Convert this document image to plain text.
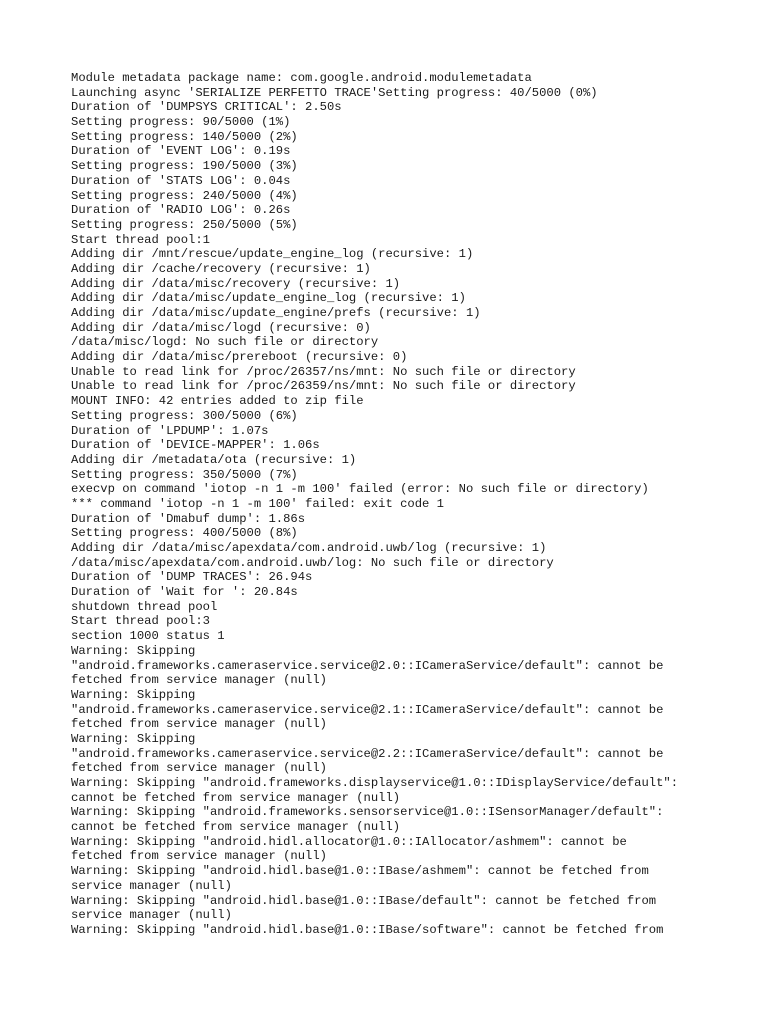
Module metadata package name: com.google.android.modulemetadata
Launching async 'SERIALIZE PERFETTO TRACE'Setting progress: 40/5000 (0%)
Duration of 'DUMPSYS CRITICAL': 2.50s
Setting progress: 90/5000 (1%)
Setting progress: 140/5000 (2%)
Duration of 'EVENT LOG': 0.19s
Setting progress: 190/5000 (3%)
Duration of 'STATS LOG': 0.04s
Setting progress: 240/5000 (4%)
Duration of 'RADIO LOG': 0.26s
Setting progress: 250/5000 (5%)
Start thread pool:1
Adding dir /mnt/rescue/update_engine_log (recursive: 1)
Adding dir /cache/recovery (recursive: 1)
Adding dir /data/misc/recovery (recursive: 1)
Adding dir /data/misc/update_engine_log (recursive: 1)
Adding dir /data/misc/update_engine/prefs (recursive: 1)
Adding dir /data/misc/logd (recursive: 0)
/data/misc/logd: No such file or directory
Adding dir /data/misc/prereboot (recursive: 0)
Unable to read link for /proc/26357/ns/mnt: No such file or directory
Unable to read link for /proc/26359/ns/mnt: No such file or directory
MOUNT INFO: 42 entries added to zip file
Setting progress: 300/5000 (6%)
Duration of 'LPDUMP': 1.07s
Duration of 'DEVICE-MAPPER': 1.06s
Adding dir /metadata/ota (recursive: 1)
Setting progress: 350/5000 (7%)
execvp on command 'iotop -n 1 -m 100' failed (error: No such file or directory)
*** command 'iotop -n 1 -m 100' failed: exit code 1
Duration of 'Dmabuf dump': 1.86s
Setting progress: 400/5000 (8%)
Adding dir /data/misc/apexdata/com.android.uwb/log (recursive: 1)
/data/misc/apexdata/com.android.uwb/log: No such file or directory
Duration of 'DUMP TRACES': 26.94s
Duration of 'Wait for ': 20.84s
shutdown thread pool
Start thread pool:3
section 1000 status 1
Warning: Skipping
"android.frameworks.cameraservice.service@2.0::ICameraService/default": cannot be
fetched from service manager (null)
Warning: Skipping
"android.frameworks.cameraservice.service@2.1::ICameraService/default": cannot be
fetched from service manager (null)
Warning: Skipping
"android.frameworks.cameraservice.service@2.2::ICameraService/default": cannot be
fetched from service manager (null)
Warning: Skipping "android.frameworks.displayservice@1.0::IDisplayService/default":
cannot be fetched from service manager (null)
Warning: Skipping "android.frameworks.sensorservice@1.0::ISensorManager/default":
cannot be fetched from service manager (null)
Warning: Skipping "android.hidl.allocator@1.0::IAllocator/ashmem": cannot be
fetched from service manager (null)
Warning: Skipping "android.hidl.base@1.0::IBase/ashmem": cannot be fetched from
service manager (null)
Warning: Skipping "android.hidl.base@1.0::IBase/default": cannot be fetched from
service manager (null)
Warning: Skipping "android.hidl.base@1.0::IBase/software": cannot be fetched from
